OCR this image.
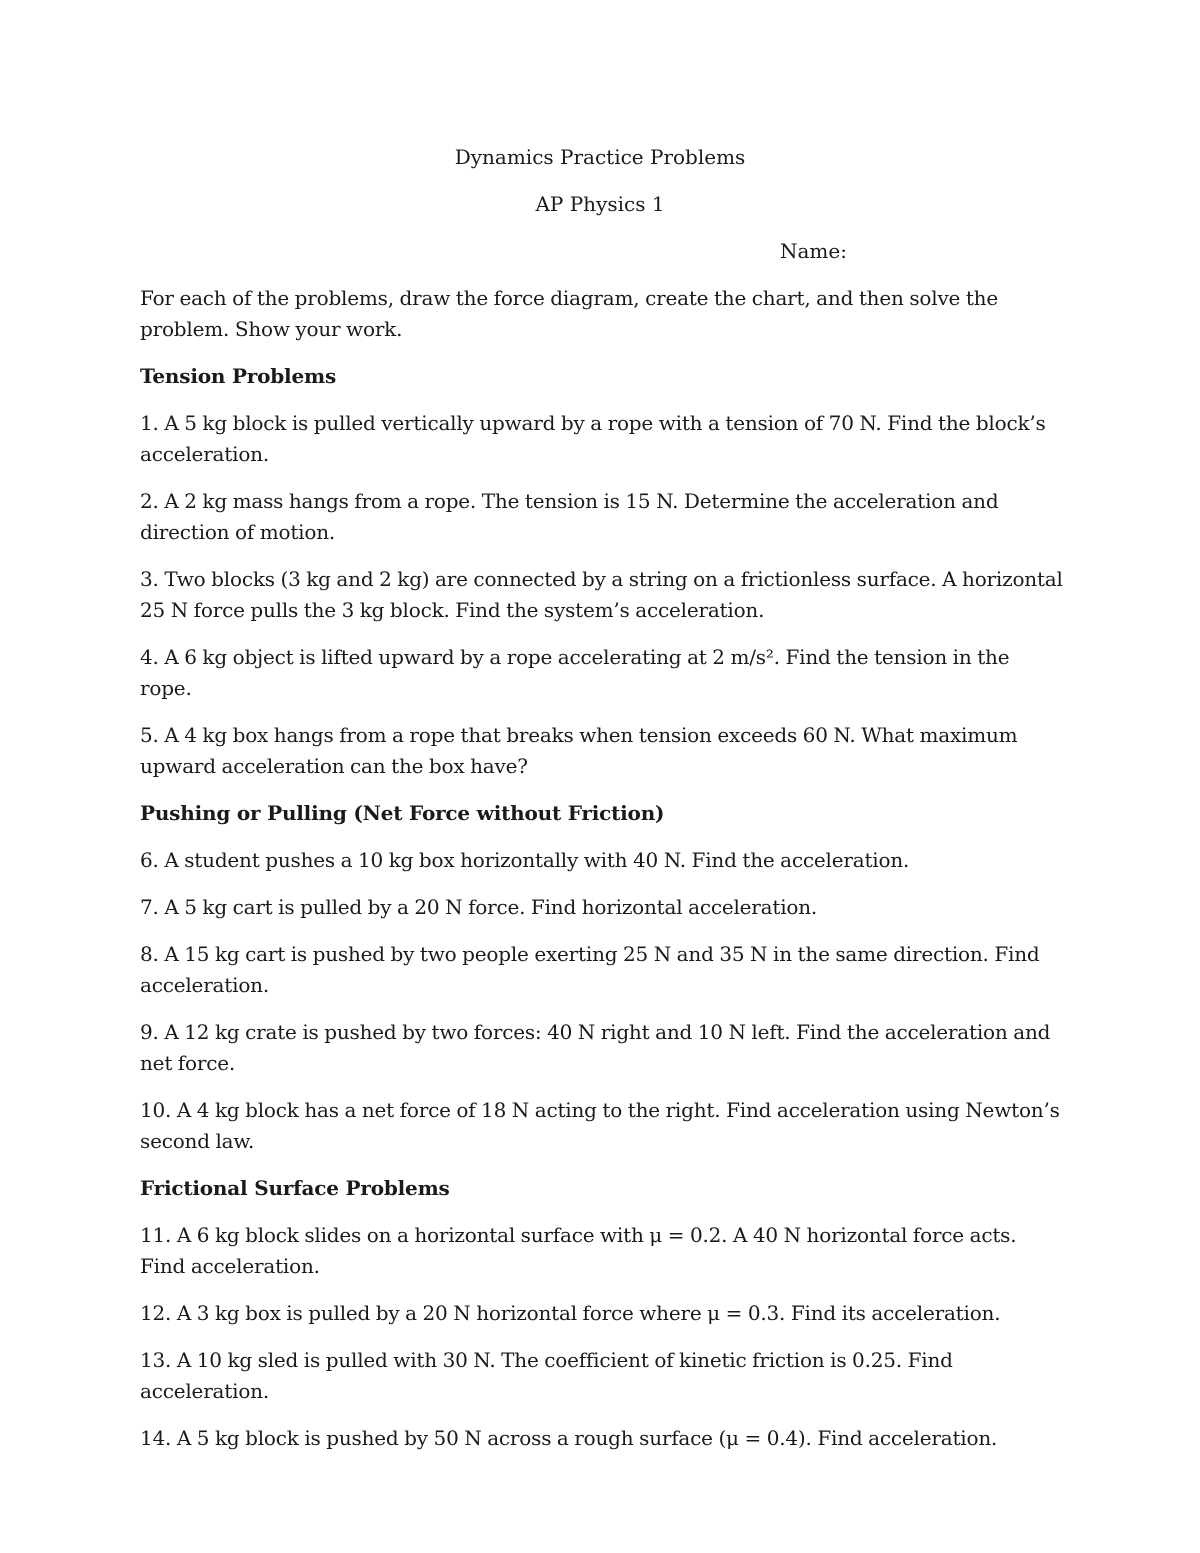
Dynamics Practice Problems
AP Physics 1
Name:

For each of the problems, draw the force diagram, create the chart, and then solve the problem. Show your work.

Tension Problems

1. A 5 kg block is pulled vertically upward by a rope with a tension of 70 N. Find the block’s acceleration.

2. A 2 kg mass hangs from a rope. The tension is 15 N. Determine the acceleration and direction of motion.

3. Two blocks (3 kg and 2 kg) are connected by a string on a frictionless surface. A horizontal 25 N force pulls the 3 kg block. Find the system’s acceleration.

4. A 6 kg object is lifted upward by a rope accelerating at 2 m/s². Find the tension in the rope.

5. A 4 kg box hangs from a rope that breaks when tension exceeds 60 N. What maximum upward acceleration can the box have?

Pushing or Pulling (Net Force without Friction)

6. A student pushes a 10 kg box horizontally with 40 N. Find the acceleration.

7. A 5 kg cart is pulled by a 20 N force. Find horizontal acceleration.

8. A 15 kg cart is pushed by two people exerting 25 N and 35 N in the same direction. Find acceleration.

9. A 12 kg crate is pushed by two forces: 40 N right and 10 N left. Find the acceleration and net force.

10. A 4 kg block has a net force of 18 N acting to the right. Find acceleration using Newton’s second law.

Frictional Surface Problems

11. A 6 kg block slides on a horizontal surface with μ = 0.2. A 40 N horizontal force acts. Find acceleration.

12. A 3 kg box is pulled by a 20 N horizontal force where μ = 0.3. Find its acceleration.

13. A 10 kg sled is pulled with 30 N. The coefficient of kinetic friction is 0.25. Find acceleration.

14. A 5 kg block is pushed by 50 N across a rough surface (μ = 0.4). Find acceleration.
